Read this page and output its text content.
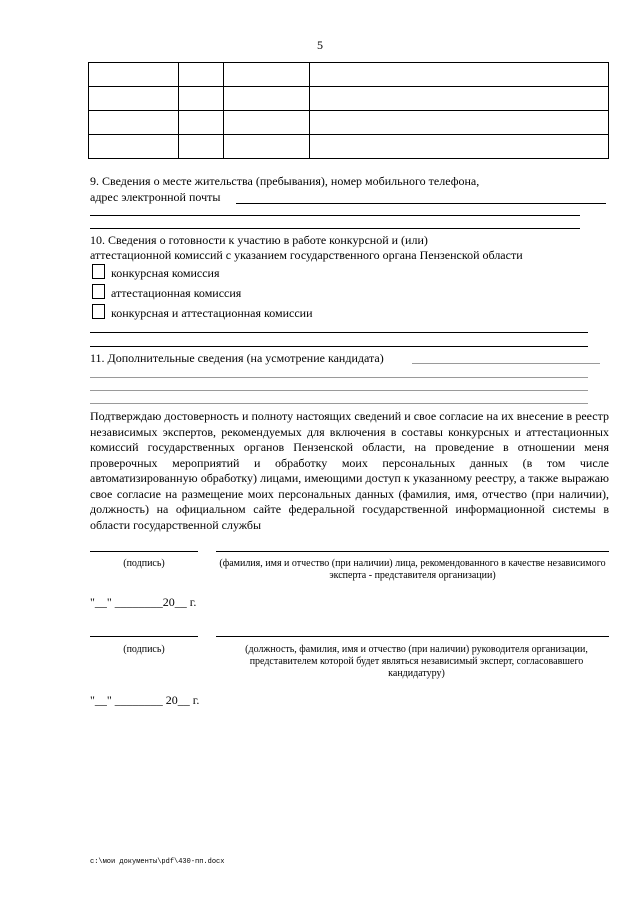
5

9. Сведения о месте жительства (пребывания), номер мобильного телефона,
адрес электронной почты
10. Сведения о готовности к участию в работе конкурсной и (или)
аттестационной комиссий с указанием государственного органа Пензенской области
конкурсная комиссия
аттестационная комиссия
конкурсная и аттестационная комиссии
11. Дополнительные сведения (на усмотрение кандидата)
Подтверждаю достоверность и полноту настоящих сведений и свое согласие на их внесение в реестр независимых экспертов, рекомендуемых для включения в составы конкурсных и аттестационных комиссий государственных органов Пензенской области, на проведение в отношении меня проверочных мероприятий и обработку моих персональных данных (в том числе автоматизированную обработку) лицами, имеющими доступ к указанному реестру, а также выражаю свое согласие на размещение моих персональных данных (фамилия, имя, отчество (при наличии), должность) на официальном сайте федеральной государственной информационной системы в области государственной службы
(подпись)	(фамилия, имя и отчество (при наличии) лица, рекомендованного в качестве независимого эксперта - представителя организации)
"__" ________20__ г.
(подпись)	(должность, фамилия, имя и отчество (при наличии) руководителя организации, представителем которой будет являться независимый эксперт, согласовавшего кандидатуру)
"__" ________ 20__ г.
c:\мои документы\pdf\430-пп.docx
